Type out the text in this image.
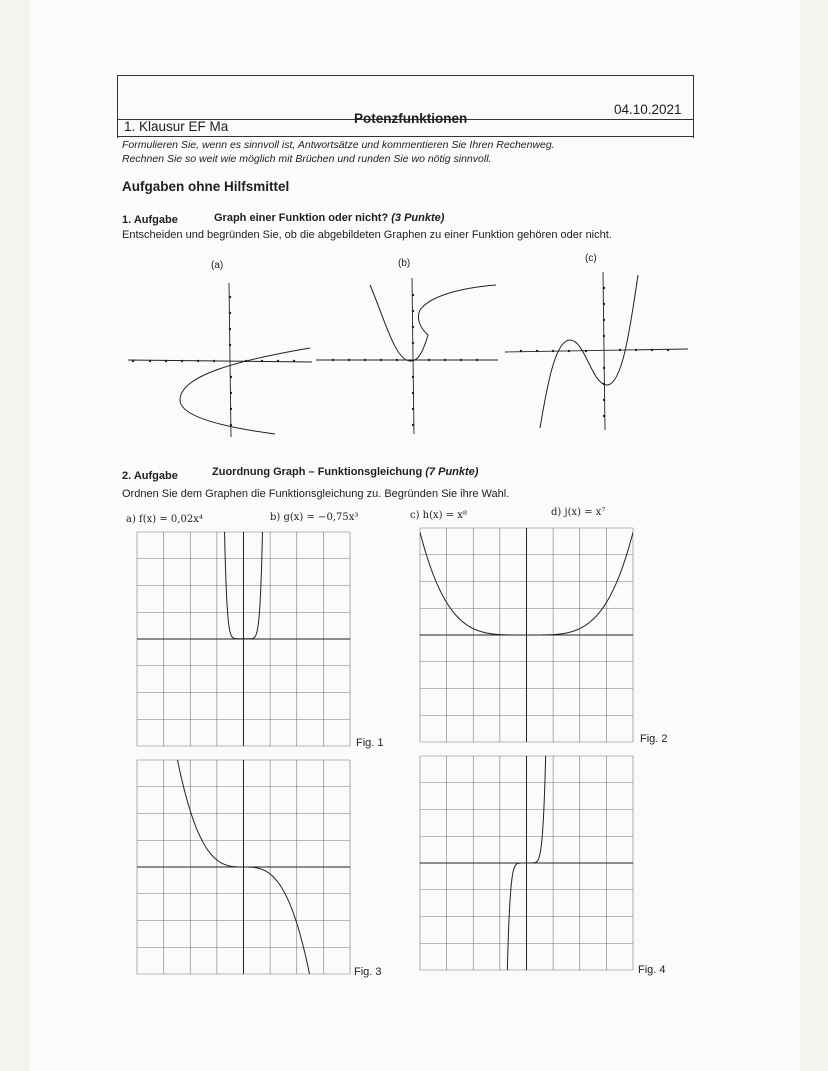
1. Klausur EF Ma
Potenzfunktionen
04.10.2021
Formulieren Sie, wenn es sinnvoll ist, Antwortsätze und kommentieren Sie Ihren Rechenweg.
Rechnen Sie so weit wie möglich mit Brüchen und runden Sie wo nötig sinnvoll.
Aufgaben ohne Hilfsmittel
1. Aufgabe	Graph einer Funktion oder nicht? (3 Punkte)
Entscheiden und begründen Sie, ob die abgebildeten Graphen zu einer Funktion gehören oder nicht.
(a)	(b)	(c)
2. Aufgabe	Zuordnung Graph – Funktionsgleichung (7 Punkte)
Ordnen Sie dem Graphen die Funktionsgleichung zu. Begründen Sie ihre Wahl.
a) f(x) = 0,02x⁴	b) g(x) = −0,75x³	c) h(x) = x⁸	d) j(x) = x⁷
Fig. 1	Fig. 2
Fig. 3	Fig. 4
